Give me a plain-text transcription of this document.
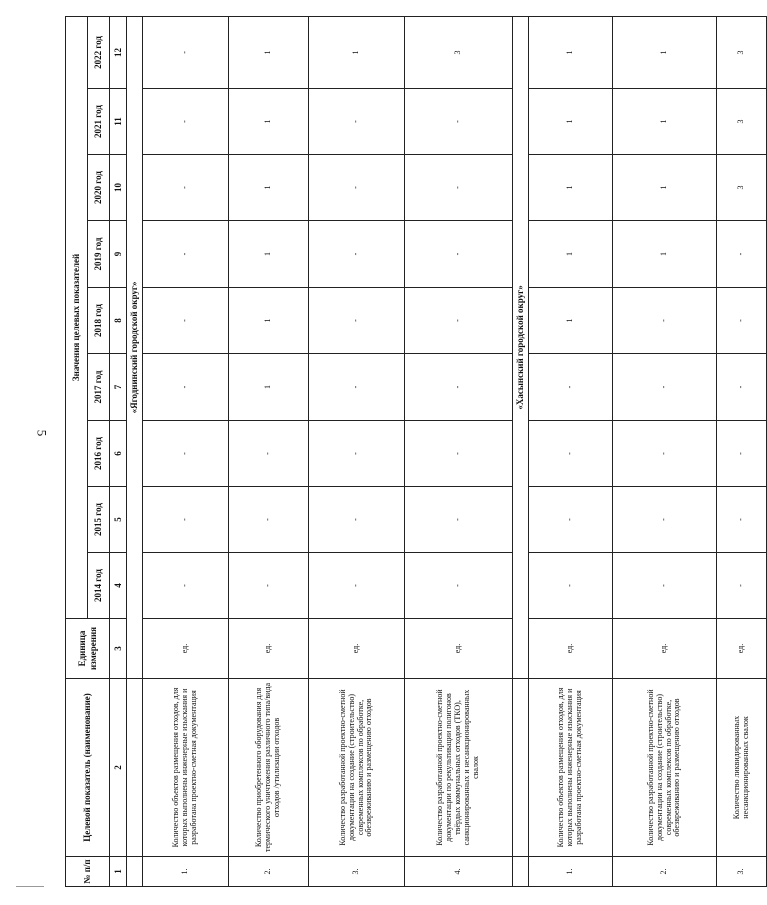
5
№ п/п	Целевой показатель (наименование)	Единица измерения	Значения целевых показателей								
			2014 год	2015 год	2016 год	2017 год	2018 год	2019 год	2020 год	2021 год	2022 год
1	2	3	4	5	6	7	8	9	10	11	12
		«Ягоднинский городской округ»									
1.	Количество объектов размещения отходов, для которых выполнены инженерные изыскания и разработана проектно-сметная документация	ед.	-	-	-	-	-	-	-	-	-
2.	Количество приобретенного оборудования для термического уничтожения различного типа/вида отходов /утилизации отходов	ед.	-	-	-	1	1	1	1	1	1
3.	Количество разработанной проектно-сметной документации на создание (строительство) современных комплексов по обработке, обезвреживанию и размещению отходов	ед.	-	-	-	-	-	-	-	-	1
4.	Количество разработанной проектно-сметной документации по рекультивации полигонов твёрдых коммунальных отходов (ТКО), санкционированных и несанкционированных свалок	ед.	-	-	-	-	-	-	-	-	3
		«Хасынский городской округ»									
1.	Количество объектов размещения отходов, для которых выполнены инженерные изыскания и разработана проектно-сметная документация	ед.	-	-	-	-	1	1	1	1	1
2.	Количество разработанной проектно-сметной документации на создание (строительство) современных комплексов по обработке, обезвреживанию и размещению отходов	ед.	-	-	-	-	-	1	1	1	1
3.	Количество ликвидированных несанкционированных свалок	ед.	-	-	-	-	-	-	3	3	3
